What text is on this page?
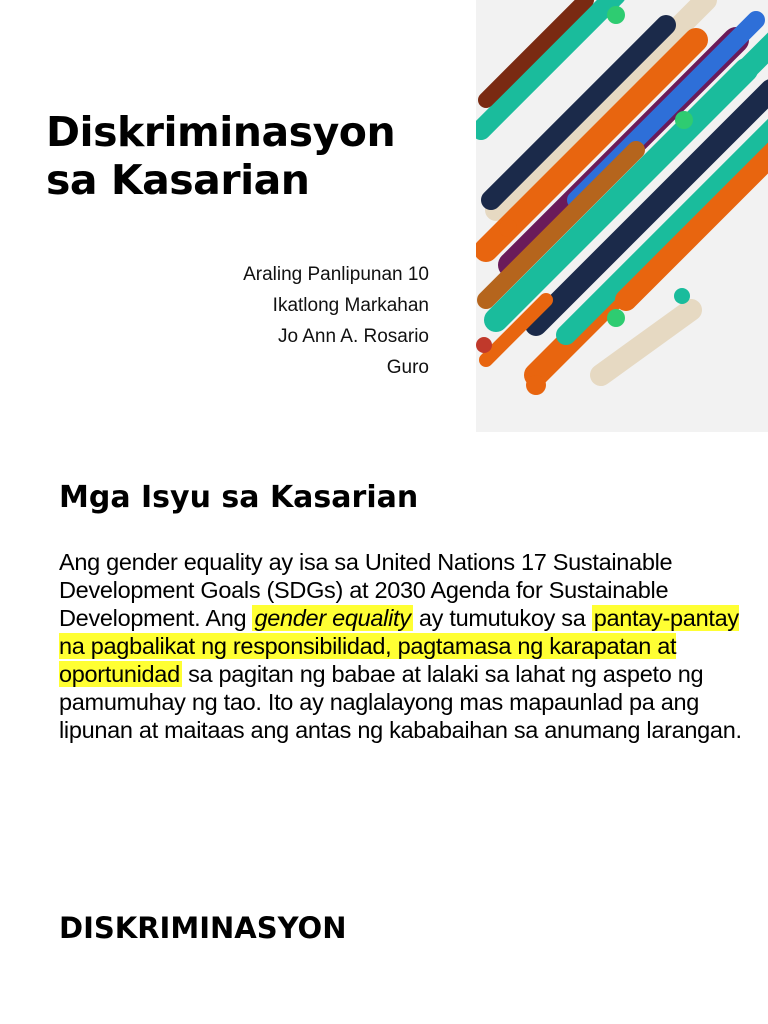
Diskriminasyon
sa Kasarian
Araling Panlipunan 10
Ikatlong Markahan
Jo Ann A. Rosario
Guro
Mga Isyu sa Kasarian
Ang gender equality ay isa sa United Nations 17 Sustainable Development Goals (SDGs) at 2030 Agenda for Sustainable Development. Ang gender equality ay tumutukoy sa pantay-pantay na pagbalikat ng responsibilidad, pagtamasa ng karapatan at oportunidad sa pagitan ng babae at lalaki sa lahat ng aspeto ng pamumuhay ng tao. Ito ay naglalayong mas mapaunlad pa ang lipunan at maitaas ang antas ng kababaihan sa anumang larangan.
DISKRIMINASYON
